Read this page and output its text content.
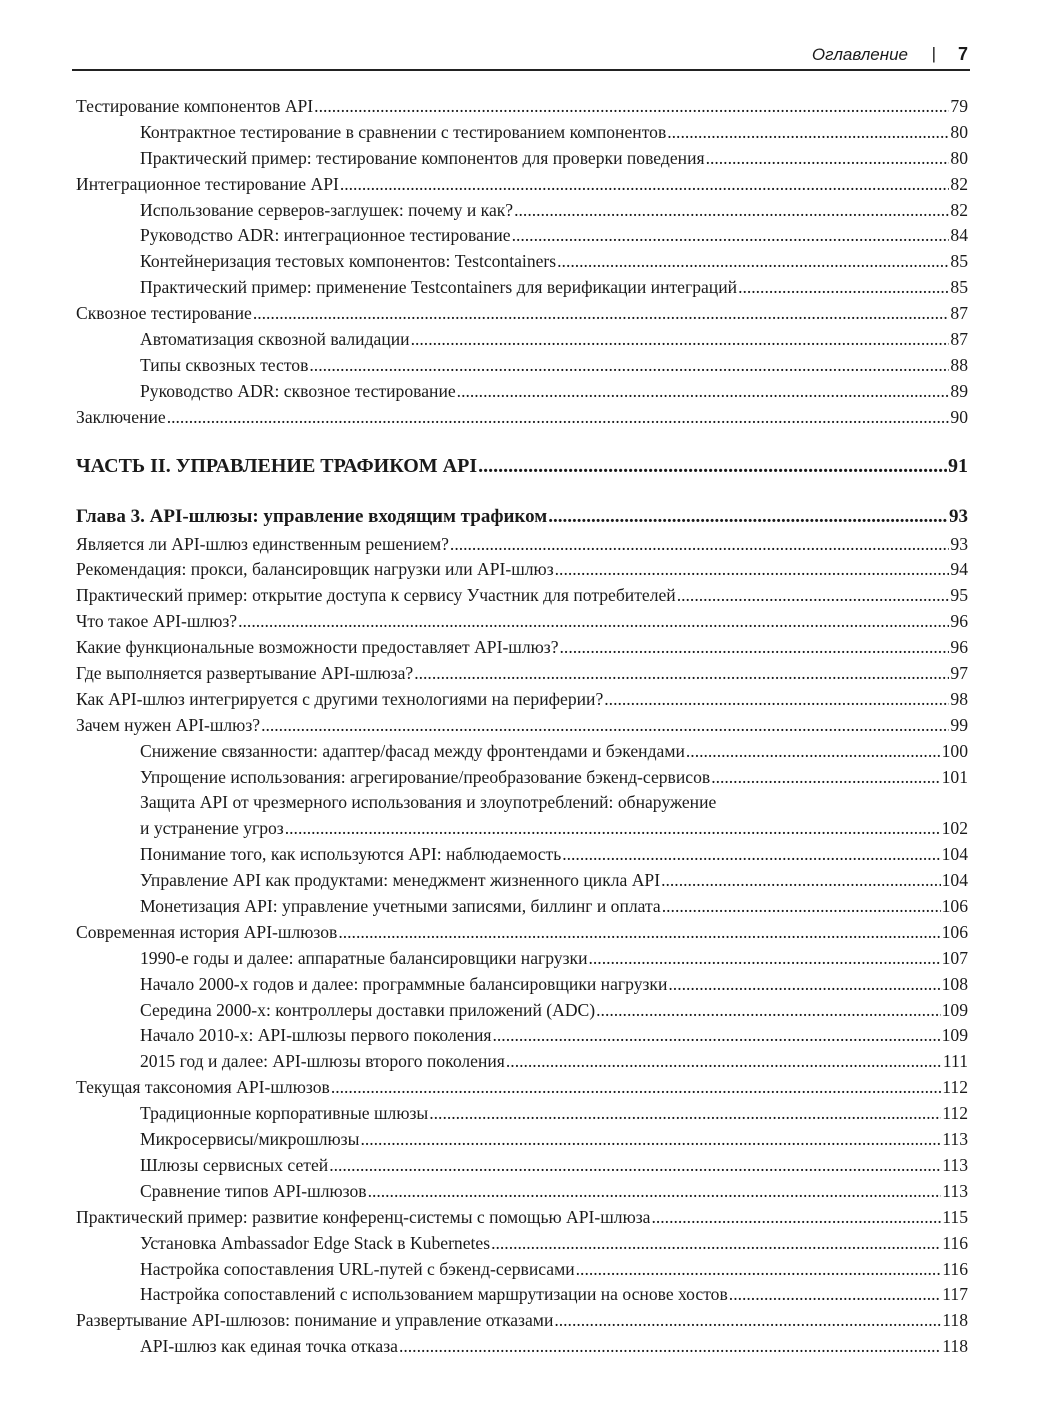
Оглавление | 7
Тестирование компонентов API .....	79
Контрактное тестирование в сравнении с тестированием компонентов .....	80
Практический пример: тестирование компонентов для проверки поведения .....	80
Интеграционное тестирование API .....	82
Использование серверов-заглушек: почему и как? .....	82
Руководство ADR: интеграционное тестирование .....	84
Контейнеризация тестовых компонентов: Testcontainers .....	85
Практический пример: применение Testcontainers для верификации интеграций .....	85
Сквозное тестирование .....	87
Автоматизация сквозной валидации .....	87
Типы сквозных тестов .....	88
Руководство ADR: сквозное тестирование .....	89
Заключение .....	90
ЧАСТЬ II. УПРАВЛЕНИЕ ТРАФИКОМ API .....	91
Глава 3. API-шлюзы: управление входящим трафиком .....	93
Является ли API-шлюз единственным решением? .....	93
Рекомендация: прокси, балансировщик нагрузки или API-шлюз .....	94
Практический пример: открытие доступа к сервису Участник для потребителей .....	95
Что такое API-шлюз? .....	96
Какие функциональные возможности предоставляет API-шлюз? .....	96
Где выполняется развертывание API-шлюза? .....	97
Как API-шлюз интегрируется с другими технологиями на периферии? .....	98
Зачем нужен API-шлюз? .....	99
Снижение связанности: адаптер/фасад между фронтендами и бэкендами .....	100
Упрощение использования: агрегирование/преобразование бэкенд-сервисов .....	101
Защита API от чрезмерного использования и злоупотреблений: обнаружение
и устранение угроз .....	102
Понимание того, как используются API: наблюдаемость .....	104
Управление API как продуктами: менеджмент жизненного цикла API .....	104
Монетизация API: управление учетными записями, биллинг и оплата .....	106
Современная история API-шлюзов .....	106
1990-е годы и далее: аппаратные балансировщики нагрузки .....	107
Начало 2000-х годов и далее: программные балансировщики нагрузки .....	108
Середина 2000-х: контроллеры доставки приложений (ADC) .....	109
Начало 2010-х: API-шлюзы первого поколения .....	109
2015 год и далее: API-шлюзы второго поколения .....	111
Текущая таксономия API-шлюзов .....	112
Традиционные корпоративные шлюзы .....	112
Микросервисы/микрошлюзы .....	113
Шлюзы сервисных сетей .....	113
Сравнение типов API-шлюзов .....	113
Практический пример: развитие конференц-системы с помощью API-шлюза .....	115
Установка Ambassador Edge Stack в Kubernetes .....	116
Настройка сопоставления URL-путей с бэкенд-сервисами .....	116
Настройка сопоставлений с использованием маршрутизации на основе хостов .....	117
Развертывание API-шлюзов: понимание и управление отказами .....	118
API-шлюз как единая точка отказа .....	118
